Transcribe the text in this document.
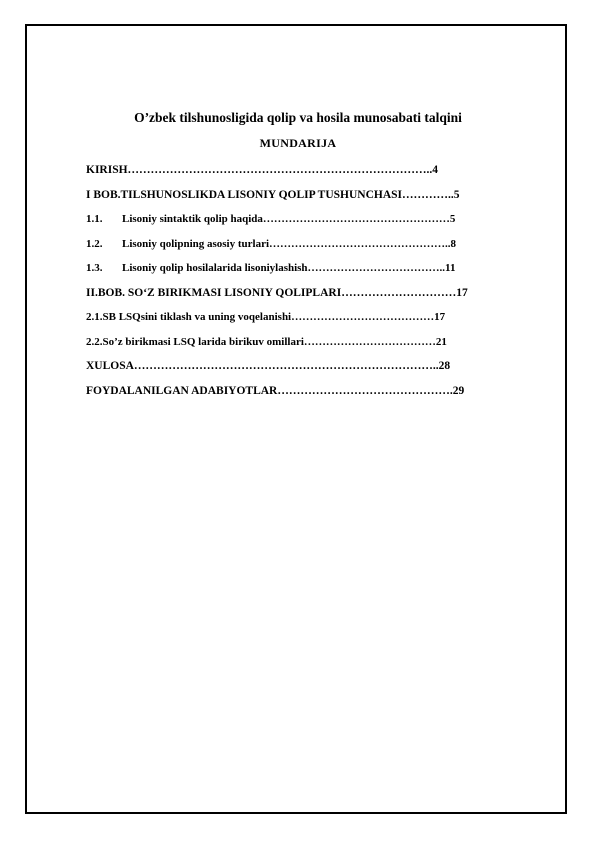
O’zbek tilshunosligida qolip va hosila munosabati talqini
MUNDARIJA
KIRISH……………………………………………………………………..4
I BOB.TILSHUNOSLIKDA LISONIY QOLIP TUSHUNCHASI…………..5
1.1. Lisoniy sintaktik qolip haqida……………………………………………5
1.2. Lisoniy qolipning asosiy turlari…………………………………………..8
1.3. Lisoniy qolip hosilalarida lisoniylashish………………………………..11
II.BOB. SO‘Z BIRIKMASI LISONIY QOLIPLARI…………………………17
2.1.SB LSQsini tiklash va uning voqelanishi…………………………………17
2.2.So’z birikmasi LSQ larida birikuv omillari………………………………21
XULOSA……………………………………………………………………..28
FOYDALANILGAN ADABIYOTLAR……………………………………….29
